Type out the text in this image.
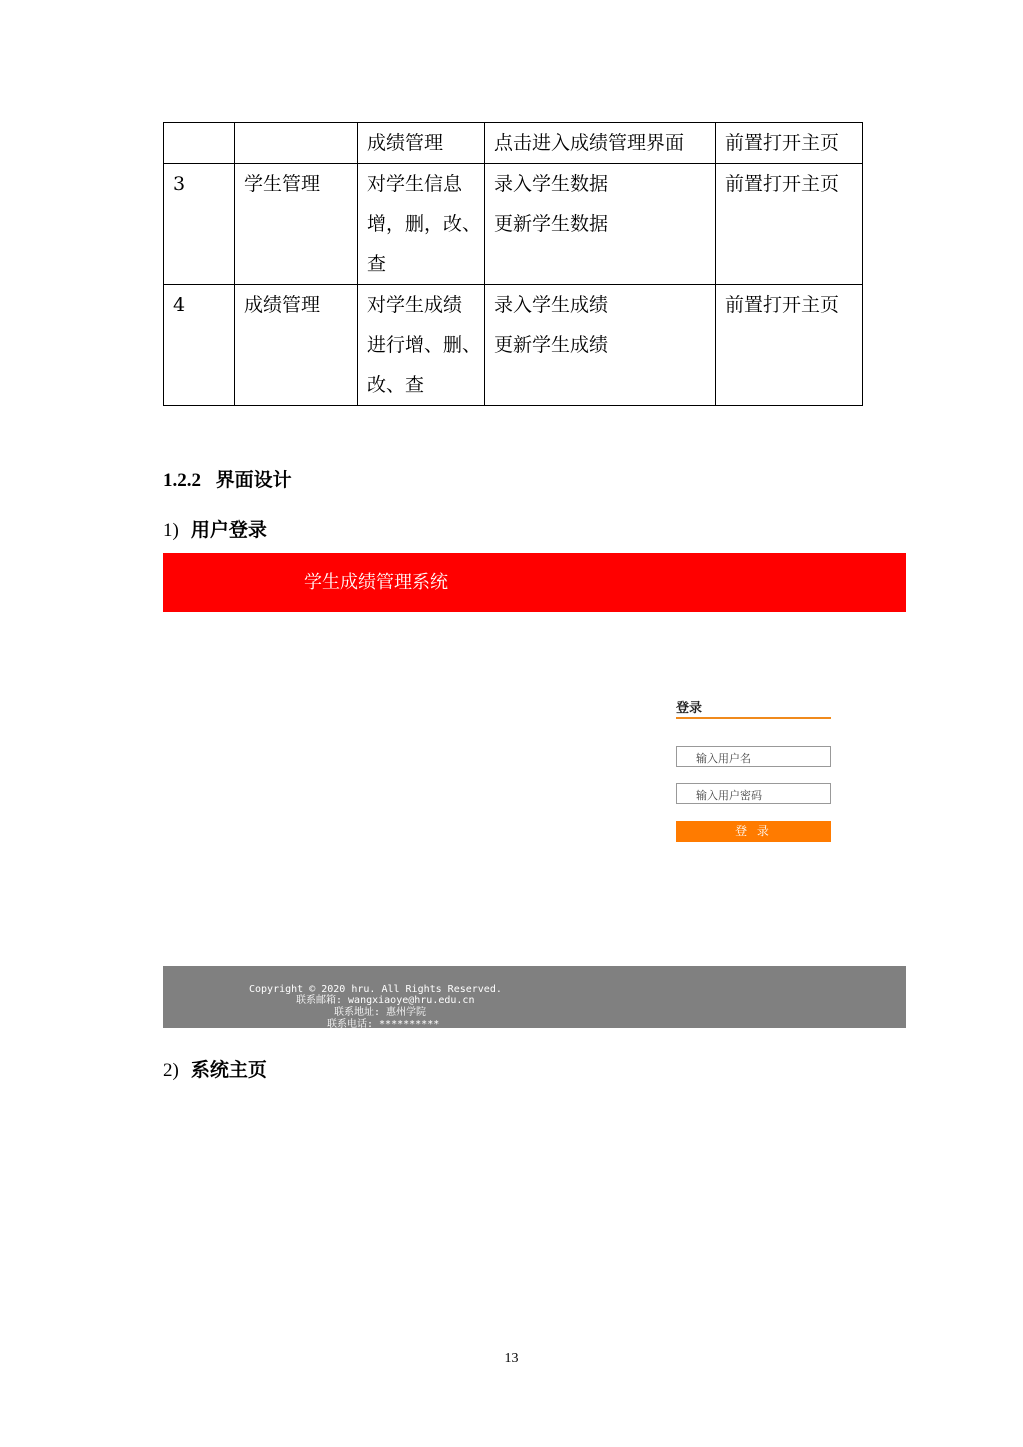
		成绩管理	点击进入成绩管理界面	前置打开主页
3	学生管理	对学生信息
增，删，改、
查	录入学生数据
更新学生数据	前置打开主页
4	成绩管理	对学生成绩
进行增、删、
改、查	录入学生成绩
更新学生成绩	前置打开主页
1.2.2 界面设计
1) 用户登录
学生成绩管理系统
登录
输入用户名
输入用户密码
登 录
Copyright © 2020 hru. All Rights Reserved.
联系邮箱: wangxiaoye@hru.edu.cn
联系地址: 惠州学院
联系电话: **********
2) 系统主页
13
